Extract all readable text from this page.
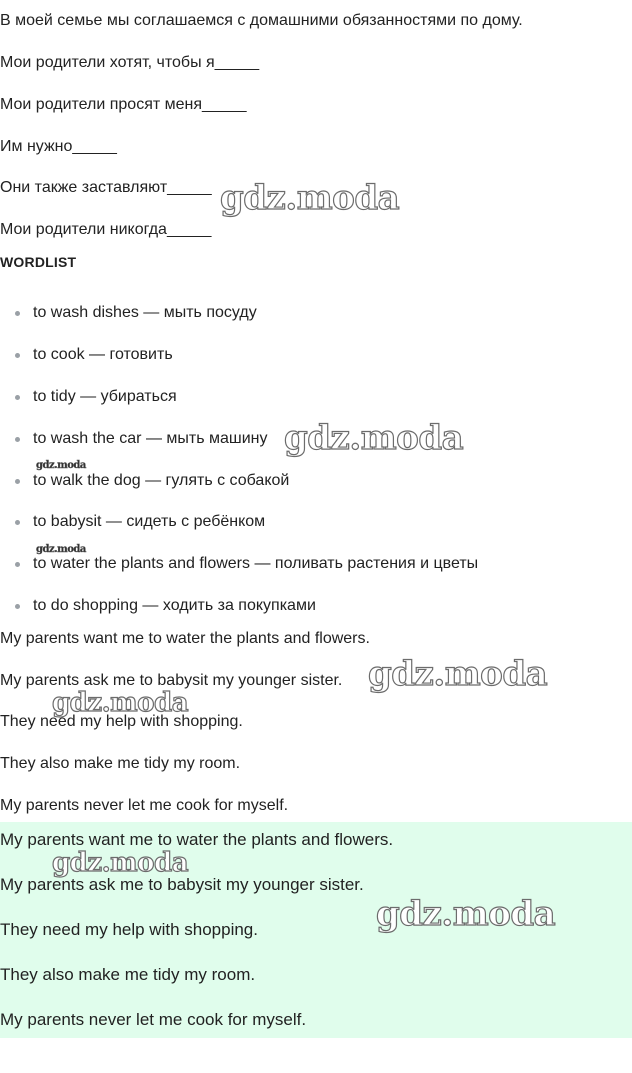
В моей семье мы соглашаемся с домашними обязанностями по дому.
Мои родители хотят, чтобы я_____
Мои родители просят меня_____
Им нужно_____
Они также заставляют_____
Мои родители никогда_____
WORDLIST
to wash dishes — мыть посуду
to cook — готовить
to tidy — убираться
to wash the car — мыть машину
to walk the dog — гулять с собакой
to babysit — сидеть с ребёнком
to water the plants and flowers — поливать растения и цветы
to do shopping — ходить за покупками
My parents want me to water the plants and flowers.
My parents ask me to babysit my younger sister.
They need my help with shopping.
They also make me tidy my room.
My parents never let me cook for myself.
My parents want me to water the plants and flowers.
My parents ask me to babysit my younger sister.
They need my help with shopping.
They also make me tidy my room.
My parents never let me cook for myself.
gdz.moda
gdz.moda
gdz.moda
gdz.moda
gdz.moda
gdz.moda
gdz.moda
gdz.moda
